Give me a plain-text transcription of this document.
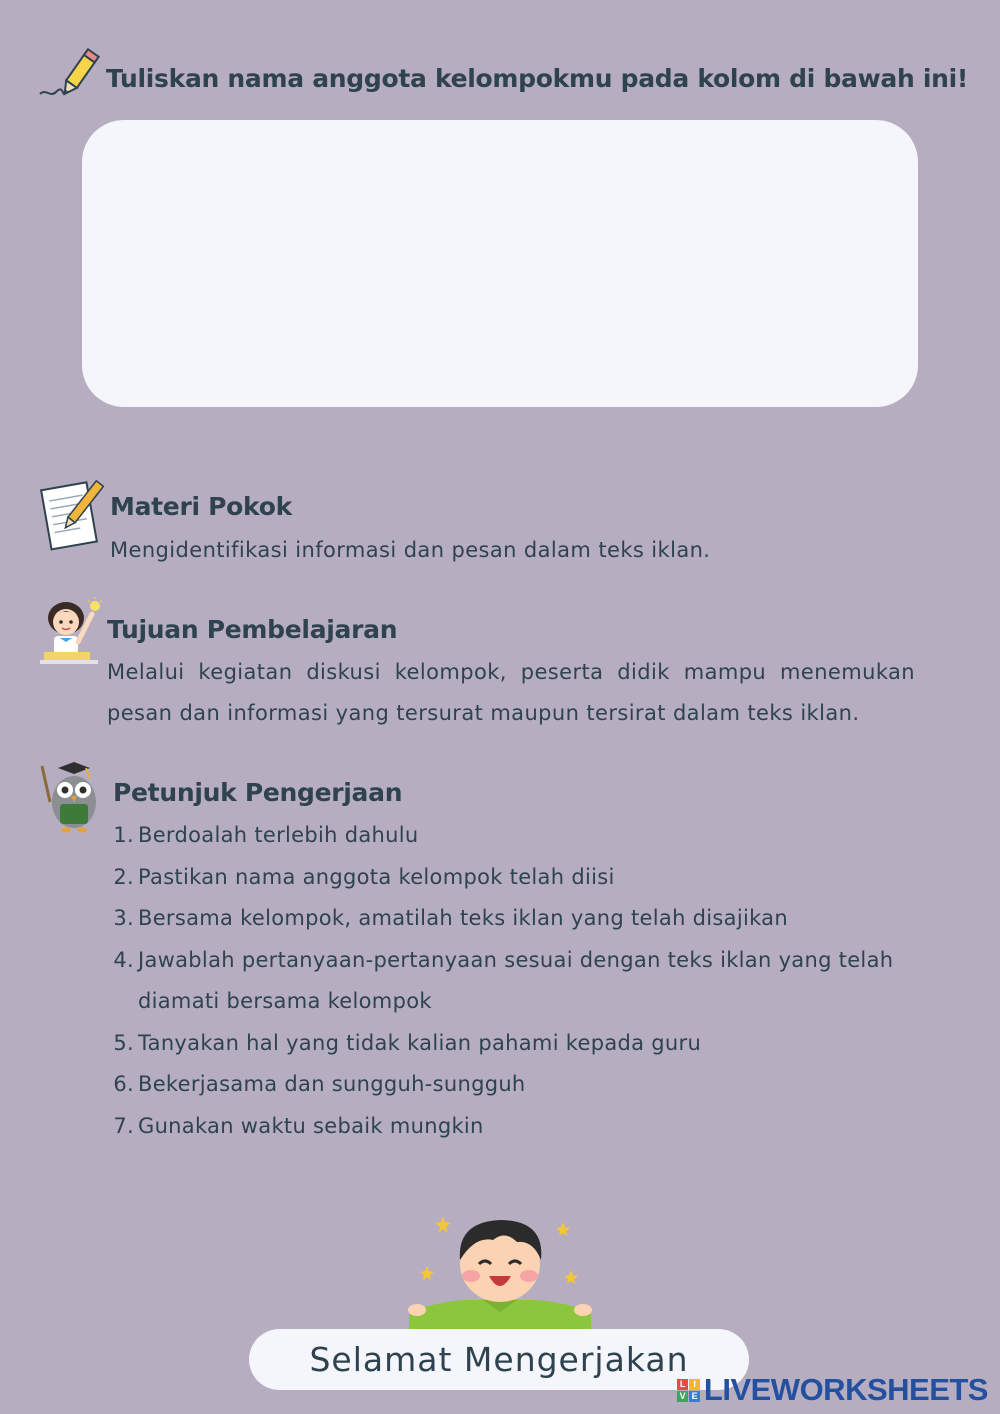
Tuliskan nama anggota kelompokmu pada kolom di bawah ini!
Materi Pokok
Mengidentifikasi informasi dan pesan dalam teks iklan.
Tujuan Pembelajaran
Melalui kegiatan diskusi kelompok, peserta didik mampu menemukan pesan dan informasi yang tersurat maupun tersirat dalam teks iklan.
Petunjuk Pengerjaan
1. Berdoalah terlebih dahulu
2. Pastikan nama anggota kelompok telah diisi
3. Bersama kelompok, amatilah teks iklan yang telah disajikan
4. Jawablah pertanyaan-pertanyaan sesuai dengan teks iklan yang telah diamati bersama kelompok
5. Tanyakan hal yang tidak kalian pahami kepada guru
6. Bekerjasama dan sungguh-sungguh
7. Gunakan waktu sebaik mungkin
Selamat Mengerjakan
L I
V E LIVEWORKSHEETS
